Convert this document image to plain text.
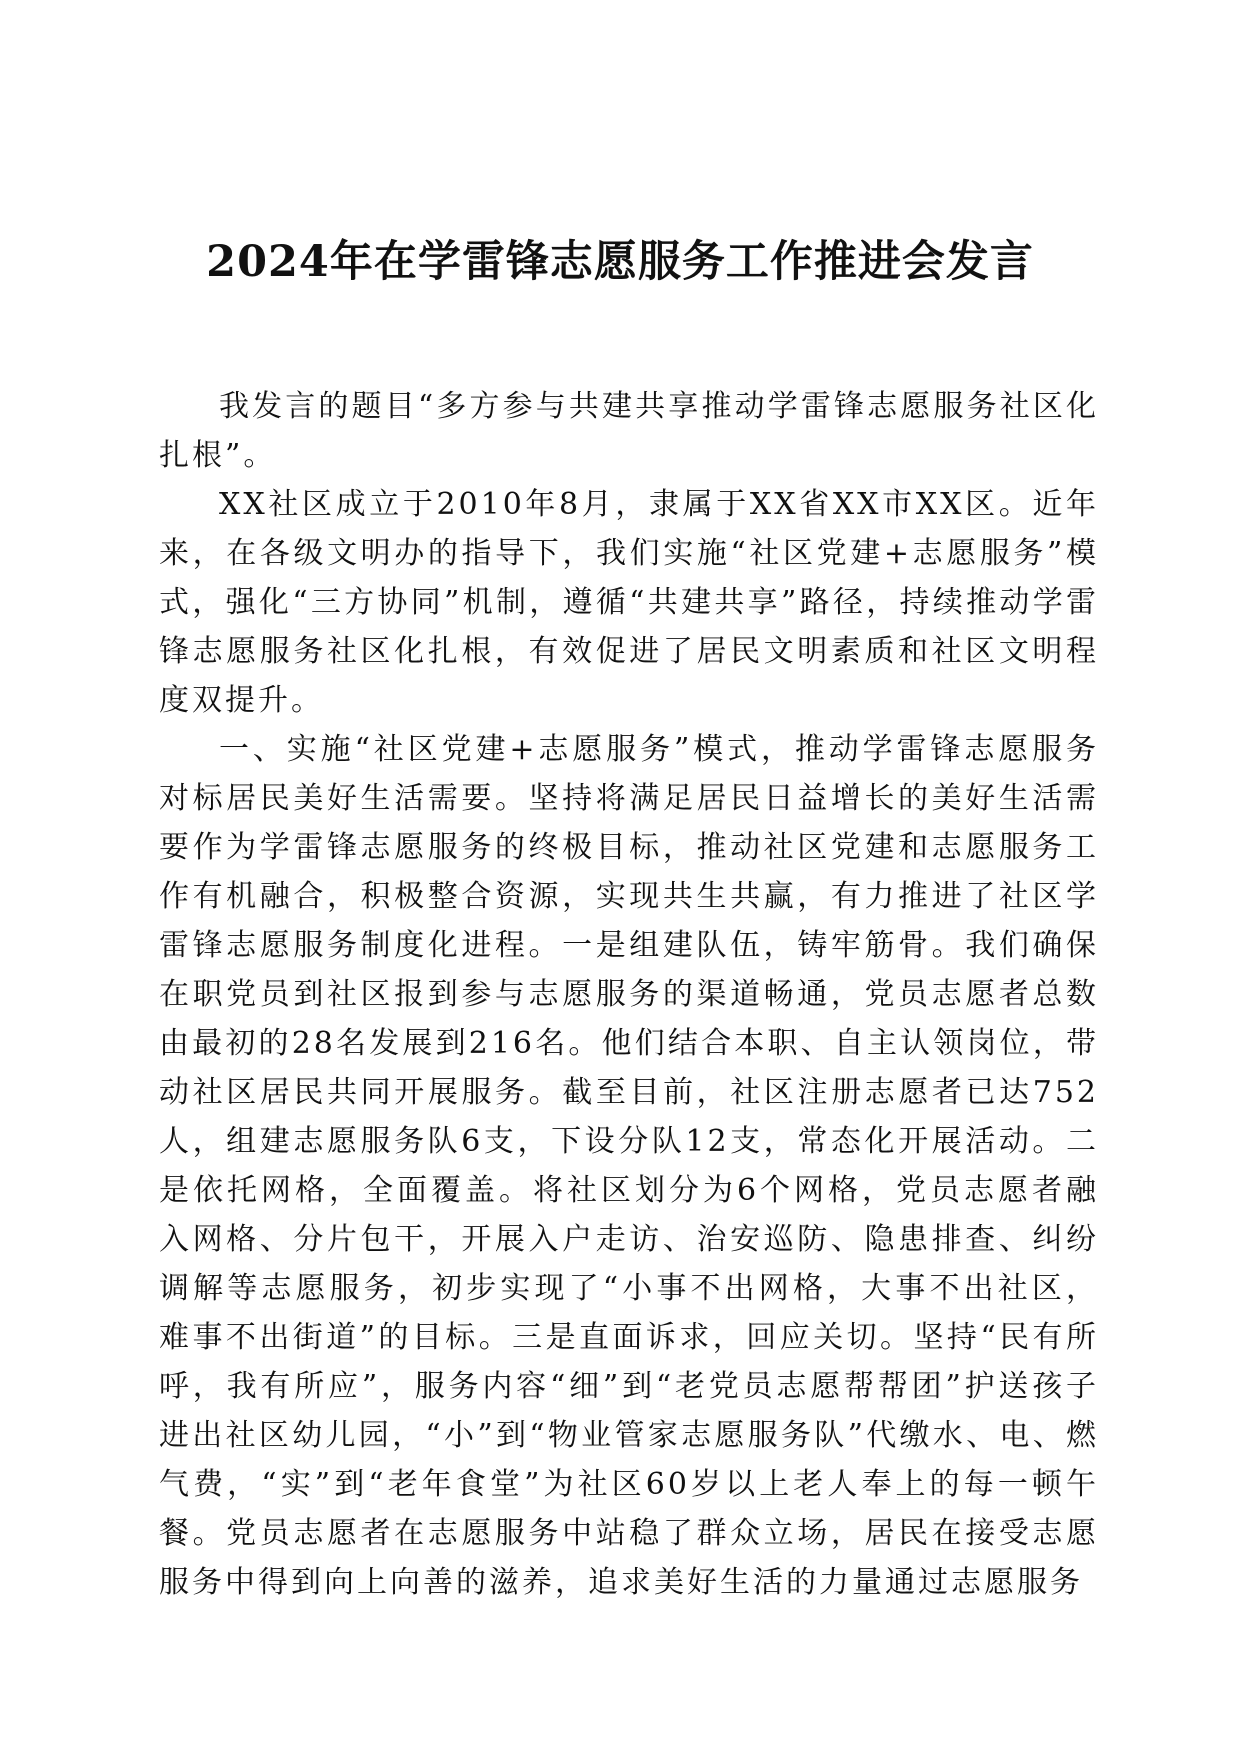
2024年在学雷锋志愿服务工作推进会发言

我发言的题目“多方参与共建共享推动学雷锋志愿服务社区化扎根”。

XX社区成立于2010年8月，隶属于XX省XX市XX区。近年来，在各级文明办的指导下，我们实施“社区党建+志愿服务”模式，强化“三方协同”机制，遵循“共建共享”路径，持续推动学雷锋志愿服务社区化扎根，有效促进了居民文明素质和社区文明程度双提升。

一、实施“社区党建+志愿服务”模式，推动学雷锋志愿服务对标居民美好生活需要。坚持将满足居民日益增长的美好生活需要作为学雷锋志愿服务的终极目标，推动社区党建和志愿服务工作有机融合，积极整合资源，实现共生共赢，有力推进了社区学雷锋志愿服务制度化进程。一是组建队伍，铸牢筋骨。我们确保在职党员到社区报到参与志愿服务的渠道畅通，党员志愿者总数由最初的28名发展到216名。他们结合本职、自主认领岗位，带动社区居民共同开展服务。截至目前，社区注册志愿者已达752人，组建志愿服务队6支，下设分队12支，常态化开展活动。二是依托网格，全面覆盖。将社区划分为6个网格，党员志愿者融入网格、分片包干，开展入户走访、治安巡防、隐患排查、纠纷调解等志愿服务，初步实现了“小事不出网格，大事不出社区，难事不出街道”的目标。三是直面诉求，回应关切。坚持“民有所呼，我有所应”，服务内容“细”到“老党员志愿帮帮团”护送孩子进出社区幼儿园，“小”到“物业管家志愿服务队”代缴水、电、燃气费，“实”到“老年食堂”为社区60岁以上老人奉上的每一顿午餐。党员志愿者在志愿服务中站稳了群众立场，居民在接受志愿服务中得到向上向善的滋养，追求美好生活的力量通过志愿服务
